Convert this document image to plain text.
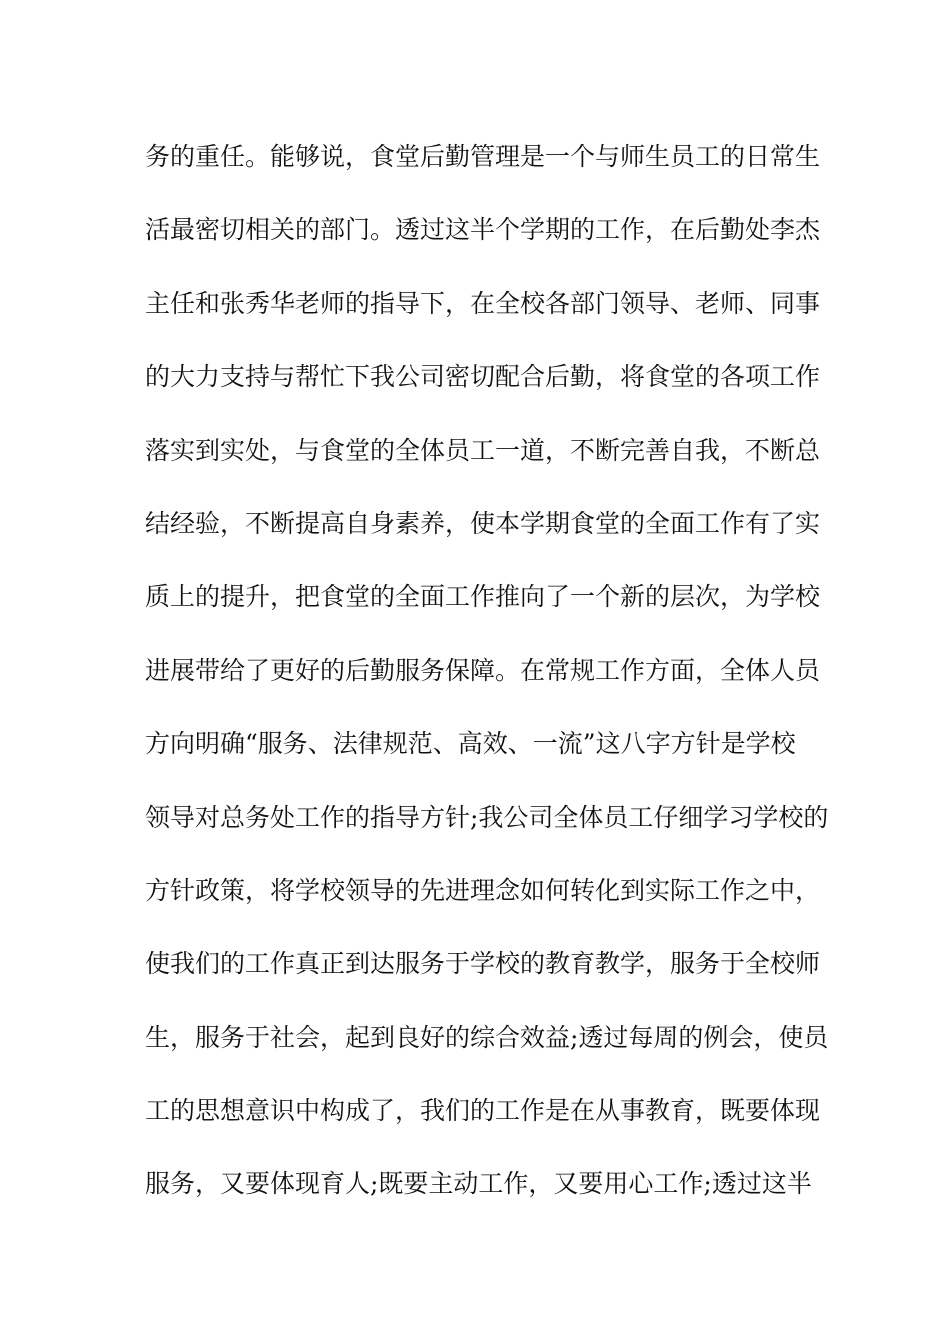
务的重任。能够说，食堂后勤管理是一个与师生员工的日常生
活最密切相关的部门。透过这半个学期的工作，在后勤处李杰
主任和张秀华老师的指导下，在全校各部门领导、老师、同事
的大力支持与帮忙下我公司密切配合后勤，将食堂的各项工作
落实到实处，与食堂的全体员工一道，不断完善自我，不断总
结经验，不断提高自身素养，使本学期食堂的全面工作有了实
质上的提升，把食堂的全面工作推向了一个新的层次，为学校
进展带给了更好的后勤服务保障。在常规工作方面，全体人员
方向明确“服务、法律规范、高效、一流”这八字方针是学校
领导对总务处工作的指导方针;我公司全体员工仔细学习学校的
方针政策，将学校领导的先进理念如何转化到实际工作之中，
使我们的工作真正到达服务于学校的教育教学，服务于全校师
生，服务于社会，起到良好的综合效益;透过每周的例会，使员
工的思想意识中构成了，我们的工作是在从事教育，既要体现
服务，又要体现育人;既要主动工作，又要用心工作;透过这半
